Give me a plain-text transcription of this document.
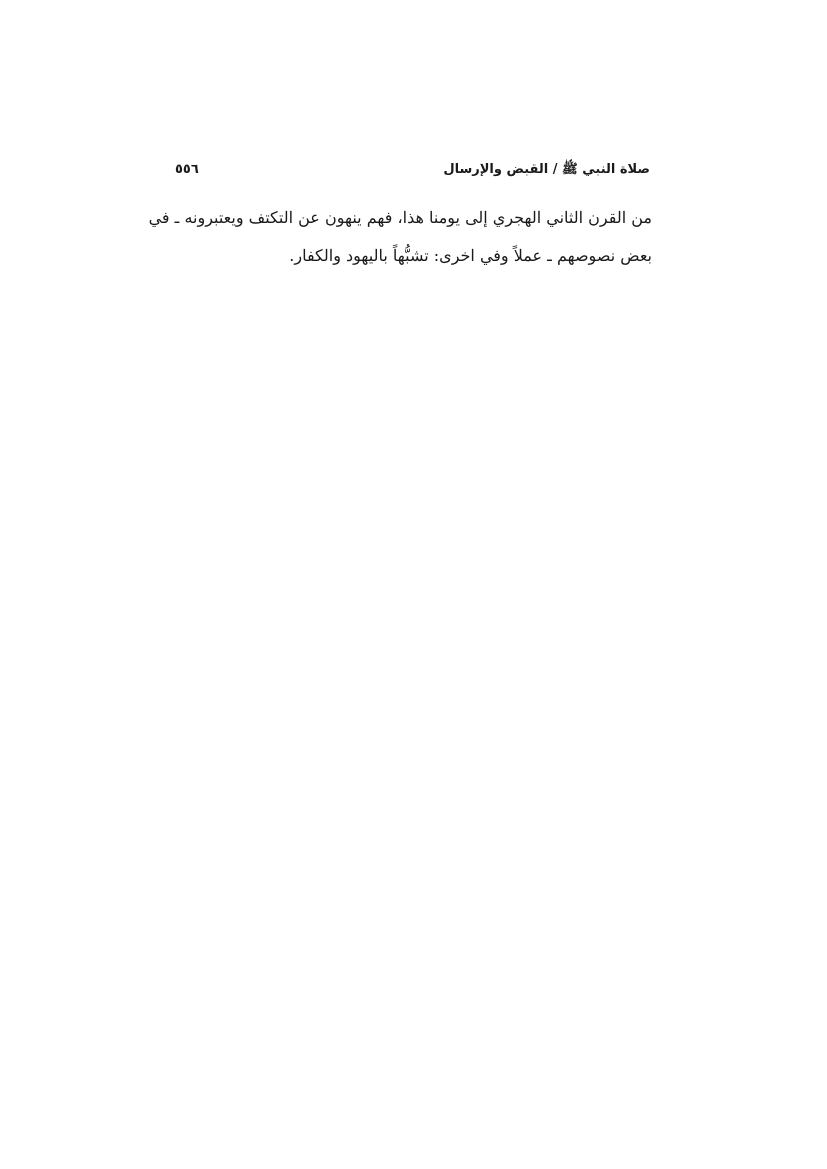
٥٥٦	صلاة النبي ﷺ / القبض والإرسال
من القرن الثاني الهجري إلى يومنا هذا، فهم ينهون عن التكتف ويعتبرونه ـ في
بعض نصوصهم ـ عملاً وفي اخرى: تشبُّهاً باليهود والكفار.
